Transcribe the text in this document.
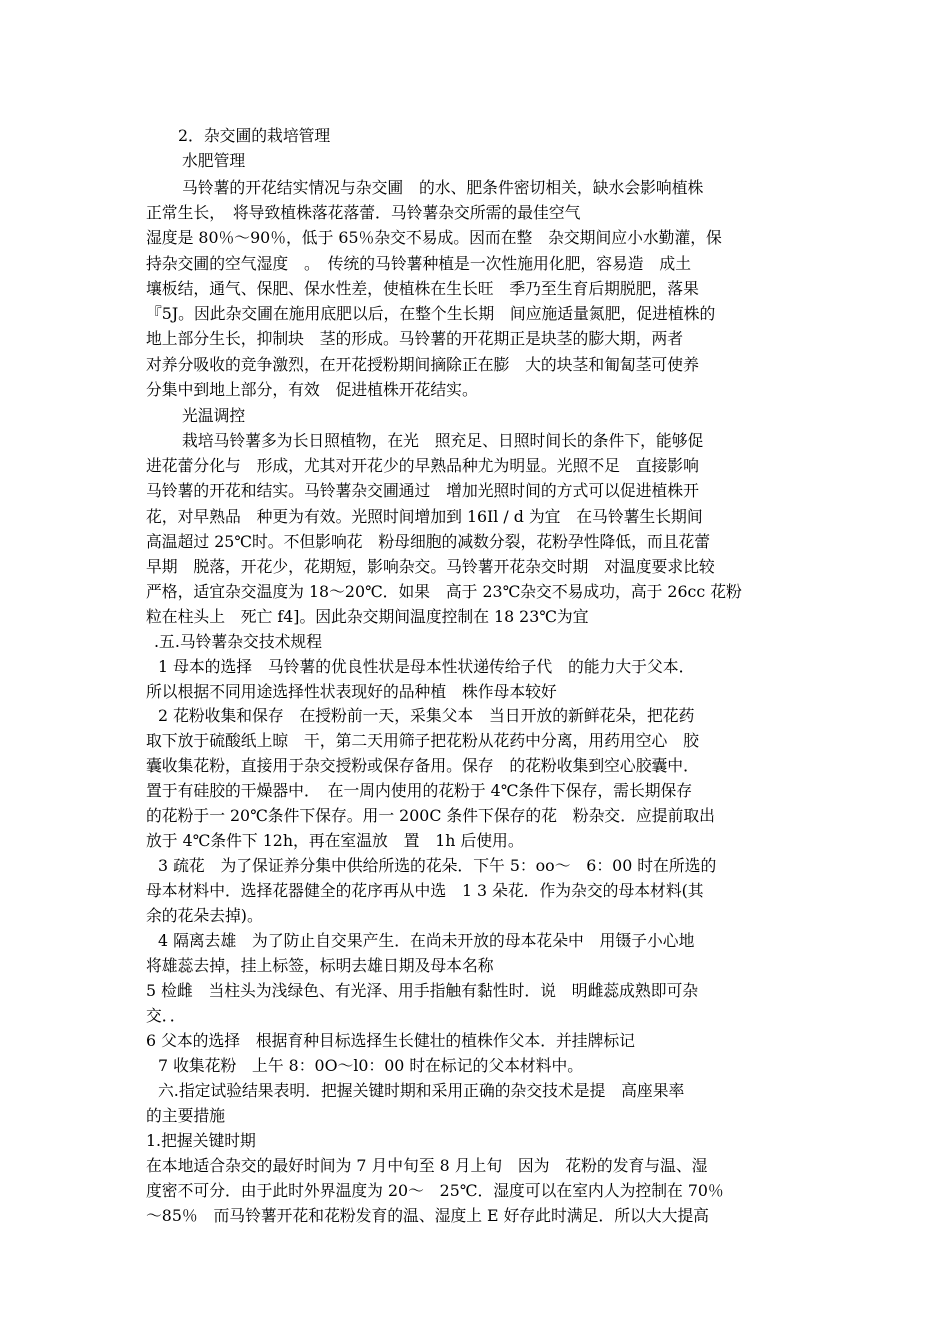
2．杂交圃的栽培管理
水肥管理
马铃薯的开花结实情况与杂交圃　的水、肥条件密切相关，缺水会影响植株
正常生长，　将导致植株落花落蕾．马铃薯杂交所需的最佳空气
湿度是 80％～90％，低于 65％杂交不易成。因而在整　杂交期间应小水勤灌，保
持杂交圃的空气湿度　。　传统的马铃薯种植是一次性施用化肥，容易造　成土
壤板结，通气、保肥、保水性差，使植株在生长旺　季乃至生育后期脱肥，落果
『5J。因此杂交圃在施用底肥以后，在整个生长期　间应施适量氮肥，促进植株的
地上部分生长，抑制块　茎的形成。马铃薯的开花期正是块茎的膨大期，两者
对养分吸收的竞争激烈，在开花授粉期间摘除正在膨　大的块茎和匍匐茎可使养
分集中到地上部分，有效　促进植株开花结实。
光温调控
栽培马铃薯多为长日照植物，在光　照充足、日照时间长的条件下，能够促
进花蕾分化与　形成，尤其对开花少的早熟品种尤为明显。光照不足　直接影响
马铃薯的开花和结实。马铃薯杂交圃通过　增加光照时间的方式可以促进植株开
花，对早熟品　种更为有效。光照时间增加到 16Il / d 为宜　在马铃薯生长期间
高温超过 25℃时。不但影响花　粉母细胞的减数分裂，花粉孕性降低，而且花蕾
早期　脱落，开花少，花期短，影响杂交。马铃薯开花杂交时期　对温度要求比较
严格，适宜杂交温度为 18～20℃．如果　高于 23℃杂交不易成功，高于 26cc 花粉
粒在柱头上　死亡 f4]。因此杂交期间温度控制在 18 23℃为宜
.五.马铃薯杂交技术规程
1 母本的选择　马铃薯的优良性状是母本性状递传给子代　的能力大于父本．
所以根据不同用途选择性状表现好的品种植　株作母本较好
2 花粉收集和保存　在授粉前一天，采集父本　当日开放的新鲜花朵，把花药
取下放于硫酸纸上晾　干，第二天用筛子把花粉从花药中分离，用药用空心　胶
囊收集花粉，直接用于杂交授粉或保存备用。保存　的花粉收集到空心胶囊中．
置于有硅胶的干燥器中．　在一周内使用的花粉于 4℃条件下保存，需长期保存
的花粉于一 20℃条件下保存。用一 200C 条件下保存的花　粉杂交．应提前取出
放于 4℃条件下 12h，再在室温放　置　1h 后使用。
3 疏花　为了保证养分集中供给所选的花朵．下午 5：oo～　6：00 时在所选的
母本材料中．选择花器健全的花序再从中选　1 3 朵花．作为杂交的母本材料(其
余的花朵去掉)。
4 隔离去雄　为了防止自交果产生．在尚未开放的母本花朵中　用镊子小心地
将雄蕊去掉，挂上标签，标明去雄日期及母本名称
5 检雌　当柱头为浅绿色、有光泽、用手指触有黏性时．说　明雌蕊成熟即可杂
交．．
6 父本的选择　根据育种目标选择生长健壮的植株作父本．并挂牌标记
7 收集花粉　上午 8：0O～l0：00 时在标记的父本材料中。
六.指定试验结果表明．把握关键时期和采用正确的杂交技术是提　高座果率
的主要措施
1.把握关键时期
在本地适合杂交的最好时间为 7 月中旬至 8 月上旬　因为　花粉的发育与温、湿
度密不可分．由于此时外界温度为 20～　25℃．湿度可以在室内人为控制在 70％
～85％　而马铃薯开花和花粉发育的温、湿度上 E 好存此时满足．所以大大提高
